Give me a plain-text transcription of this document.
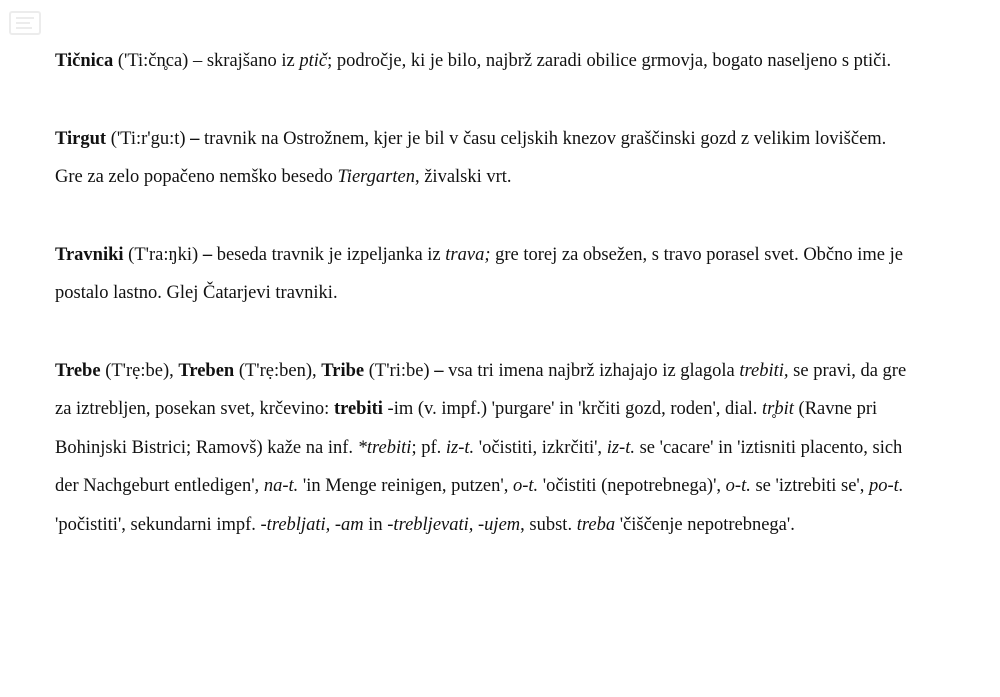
Tičnica ('Ti:čn̥ca) – skrajšano iz ptič; področje, ki je bilo, najbrž zaradi obilice grmovja, bogato naseljeno s ptiči.

Tirgut ('Ti:r'gu:t) – travnik na Ostrožnem, kjer je bil v času celjskih knezov graščinski gozd z velikim loviščem. Gre za zelo popačeno nemško besedo Tiergarten, živalski vrt.

Travniki (T'ra:ŋki) – beseda travnik je izpeljanka iz trava; gre torej za obsežen, s travo porasel svet. Občno ime je postalo lastno. Glej Čatarjevi travniki.

Trebe (T'rẹ:be), Treben (T'rẹ:ben), Tribe (T'ri:be) – vsa tri imena najbrž izhajajo iz glagola trebiti, se pravi, da gre za iztrebljen, posekan svet, krčevino: trebiti -im (v. impf.) 'purgare' in 'krčiti gozd, roden', dial. tr̥bit (Ravne pri Bohinjski Bistrici; Ramovš) kaže na inf. *trebiti; pf. iz-t. 'očistiti, izkrčiti', iz-t. se 'cacare' in 'iztisniti placento, sich der Nachgeburt entledigen', na-t. 'in Menge reinigen, putzen', o-t. 'očistiti (nepotrebnega)', o-t. se 'iztrebiti se', po-t. 'počistiti', sekundarni impf. -trebljati, -am in -trebljevati, -ujem, subst. treba 'čiščenje nepotrebnega'.
